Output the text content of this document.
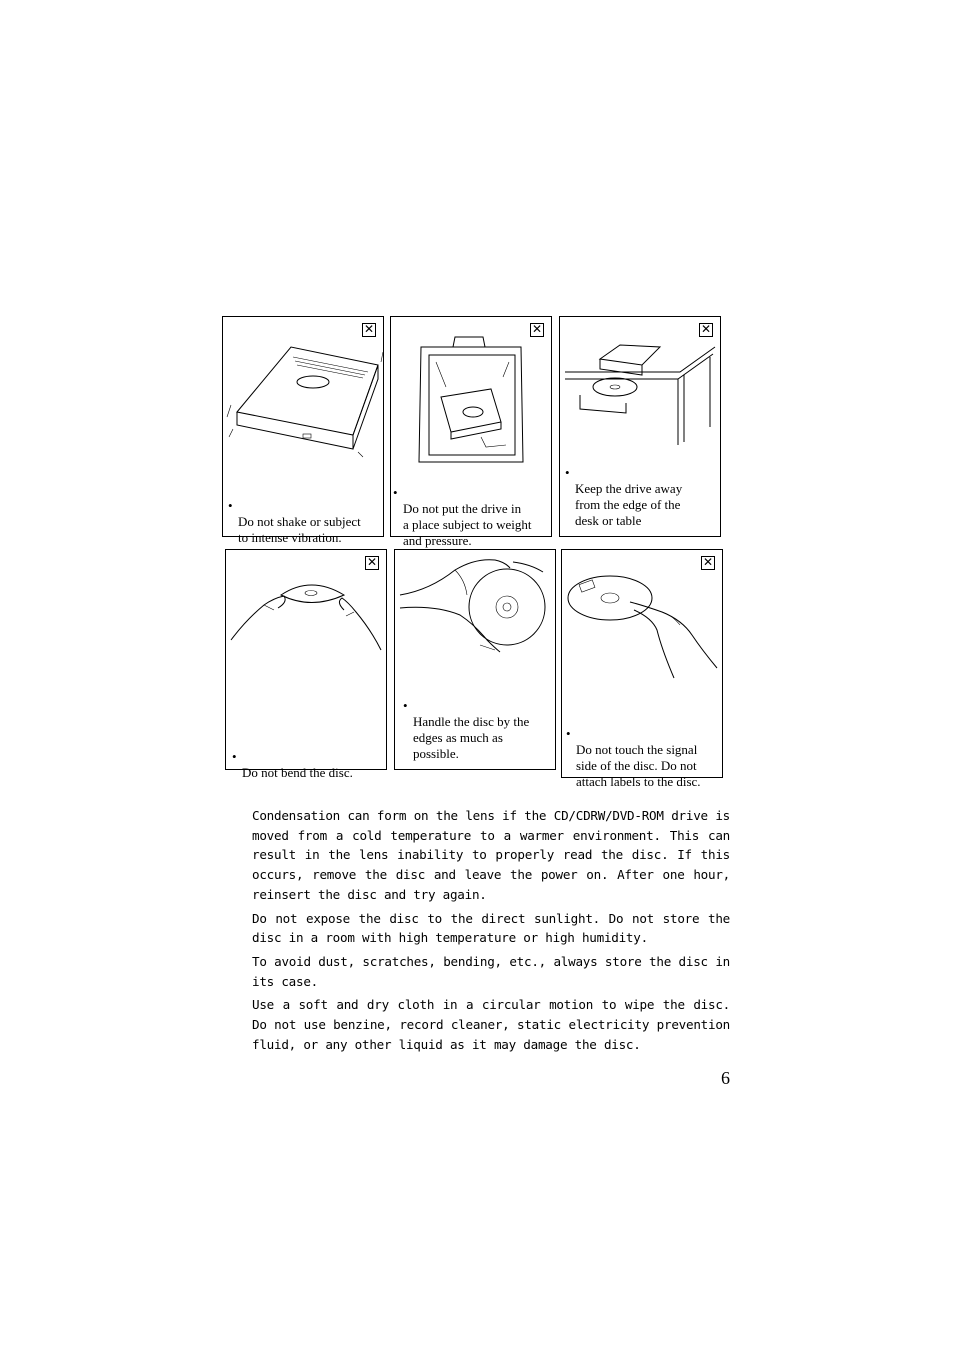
✕

•
Do not shake or subject
to intense vibration.

✕

•
Do not put the drive in
a place subject to weight
and pressure.

✕

•
Keep the drive away
from the edge of the
desk or table

✕

•
Do not bend the disc.

•
Handle the disc by the
edges as much as
possible.

✕

•
Do not touch the signal
side of the disc. Do not
attach labels to the disc.

Condensation can form on the lens if the CD/CDRW/DVD-ROM drive is moved from a cold temperature to a warmer environment. This can result in the lens inability to properly read the disc. If this occurs, remove the disc and leave the power on. After one hour, reinsert the disc and try again.

Do not expose the disc to the direct sunlight. Do not store the disc in a room with high temperature or high humidity.

To avoid dust, scratches, bending, etc., always store the disc in its case.

Use a soft and dry cloth in a circular motion to wipe the disc. Do not use benzine, record cleaner, static electricity prevention fluid, or any other liquid as it may damage the disc.

6
